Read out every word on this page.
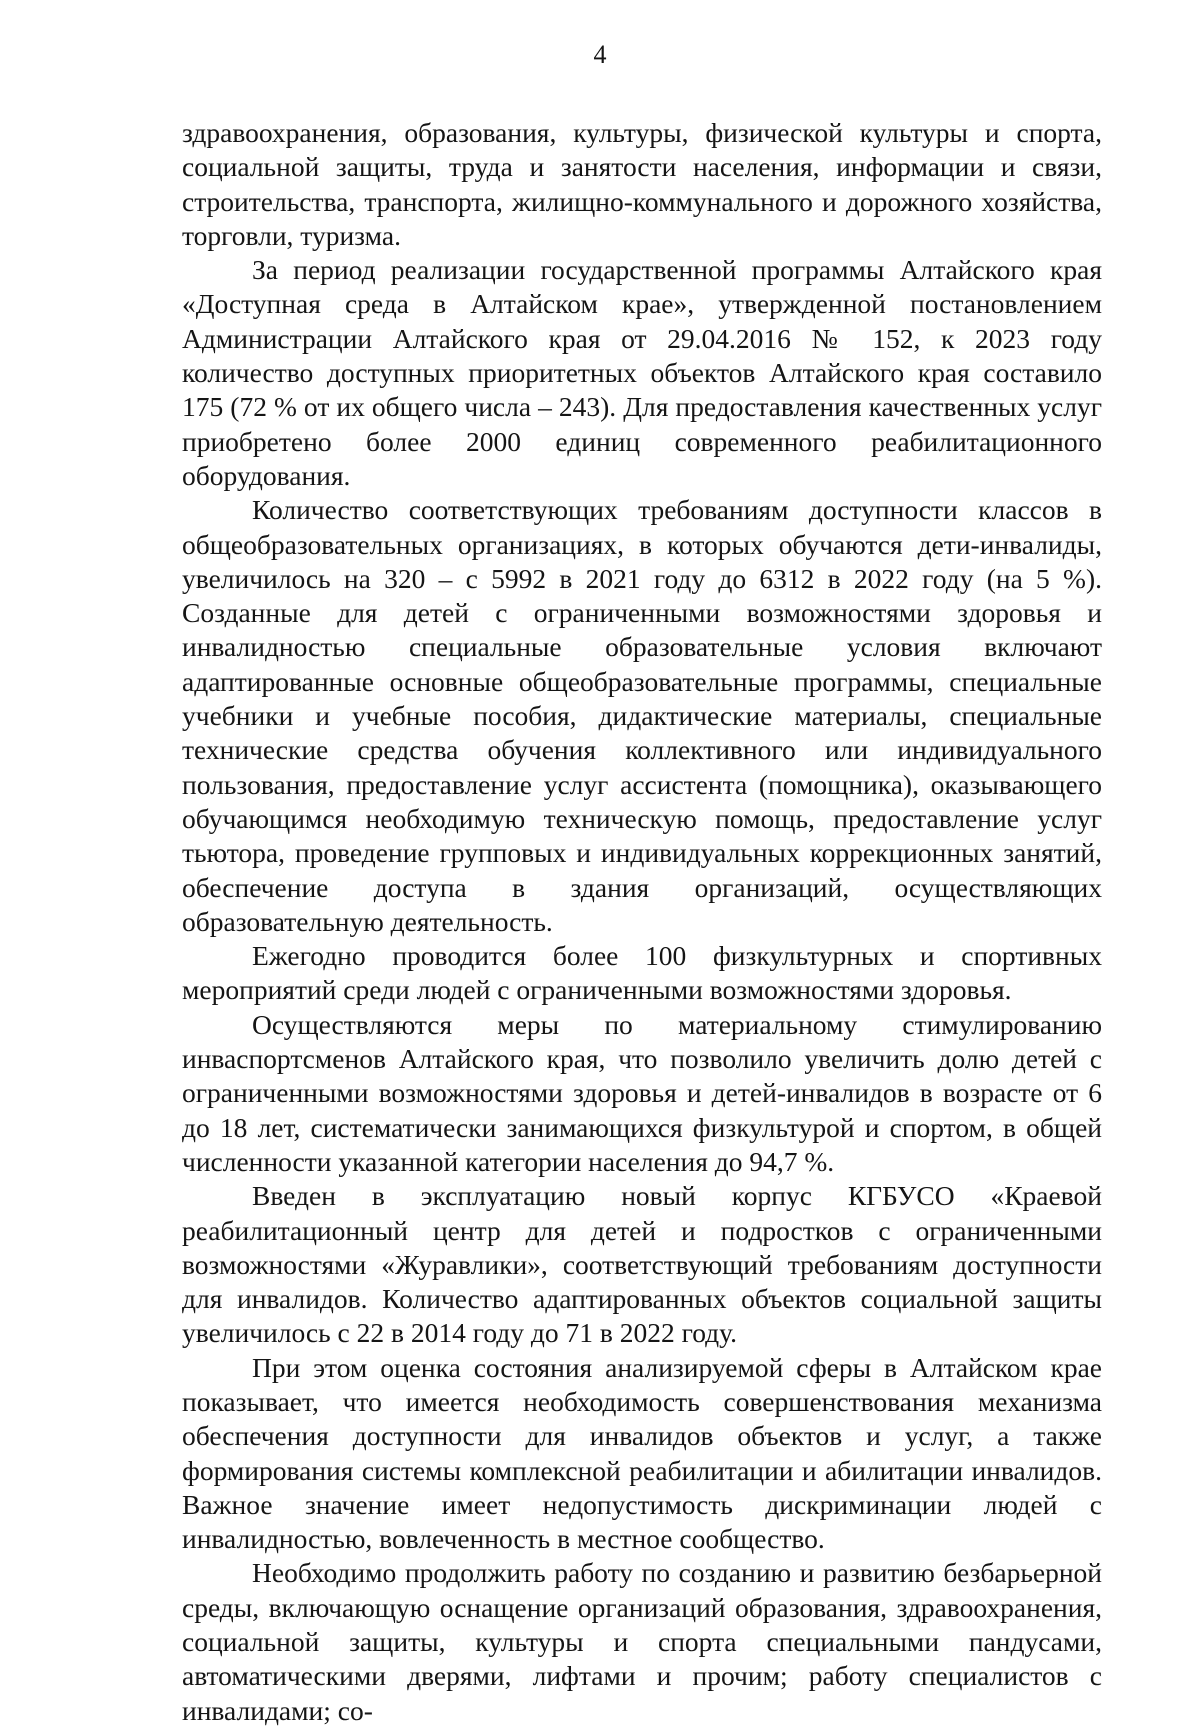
4

здравоохранения, образования, культуры, физической культуры и спорта, социальной защиты, труда и занятости населения, информации и связи, строительства, транспорта, жилищно-коммунального и дорожного хозяйства, торговли, туризма.

За период реализации государственной программы Алтайского края «Доступная среда в Алтайском крае», утвержденной постановлением Администрации Алтайского края от 29.04.2016 № 152, к 2023 году количество доступных приоритетных объектов Алтайского края составило 175 (72 % от их общего числа – 243). Для предоставления качественных услуг приобретено более 2000 единиц современного реабилитационного оборудования.

Количество соответствующих требованиям доступности классов в общеобразовательных организациях, в которых обучаются дети-инвалиды, увеличилось на 320 – с 5992 в 2021 году до 6312 в 2022 году (на 5 %). Созданные для детей с ограниченными возможностями здоровья и инвалидностью специальные образовательные условия включают адаптированные основные общеобразовательные программы, специальные учебники и учебные пособия, дидактические материалы, специальные технические средства обучения коллективного или индивидуального пользования, предоставление услуг ассистента (помощника), оказывающего обучающимся необходимую техническую помощь, предоставление услуг тьютора, проведение групповых и индивидуальных коррекционных занятий, обеспечение доступа в здания организаций, осуществляющих образовательную деятельность.

Ежегодно проводится более 100 физкультурных и спортивных мероприятий среди людей с ограниченными возможностями здоровья.

Осуществляются меры по материальному стимулированию инваспортсменов Алтайского края, что позволило увеличить долю детей с ограниченными возможностями здоровья и детей-инвалидов в возрасте от 6 до 18 лет, систематически занимающихся физкультурой и спортом, в общей численности указанной категории населения до 94,7 %.

Введен в эксплуатацию новый корпус КГБУСО «Краевой реабилитационный центр для детей и подростков с ограниченными возможностями «Журавлики», соответствующий требованиям доступности для инвалидов. Количество адаптированных объектов социальной защиты увеличилось с 22 в 2014 году до 71 в 2022 году.

При этом оценка состояния анализируемой сферы в Алтайском крае показывает, что имеется необходимость совершенствования механизма обеспечения доступности для инвалидов объектов и услуг, а также формирования системы комплексной реабилитации и абилитации инвалидов. Важное значение имеет недопустимость дискриминации людей с инвалидностью, вовлеченность в местное сообщество.

Необходимо продолжить работу по созданию и развитию безбарьерной среды, включающую оснащение организаций образования, здравоохранения, социальной защиты, культуры и спорта специальными пандусами, автоматическими дверями, лифтами и прочим; работу специалистов с инвалидами; со-
